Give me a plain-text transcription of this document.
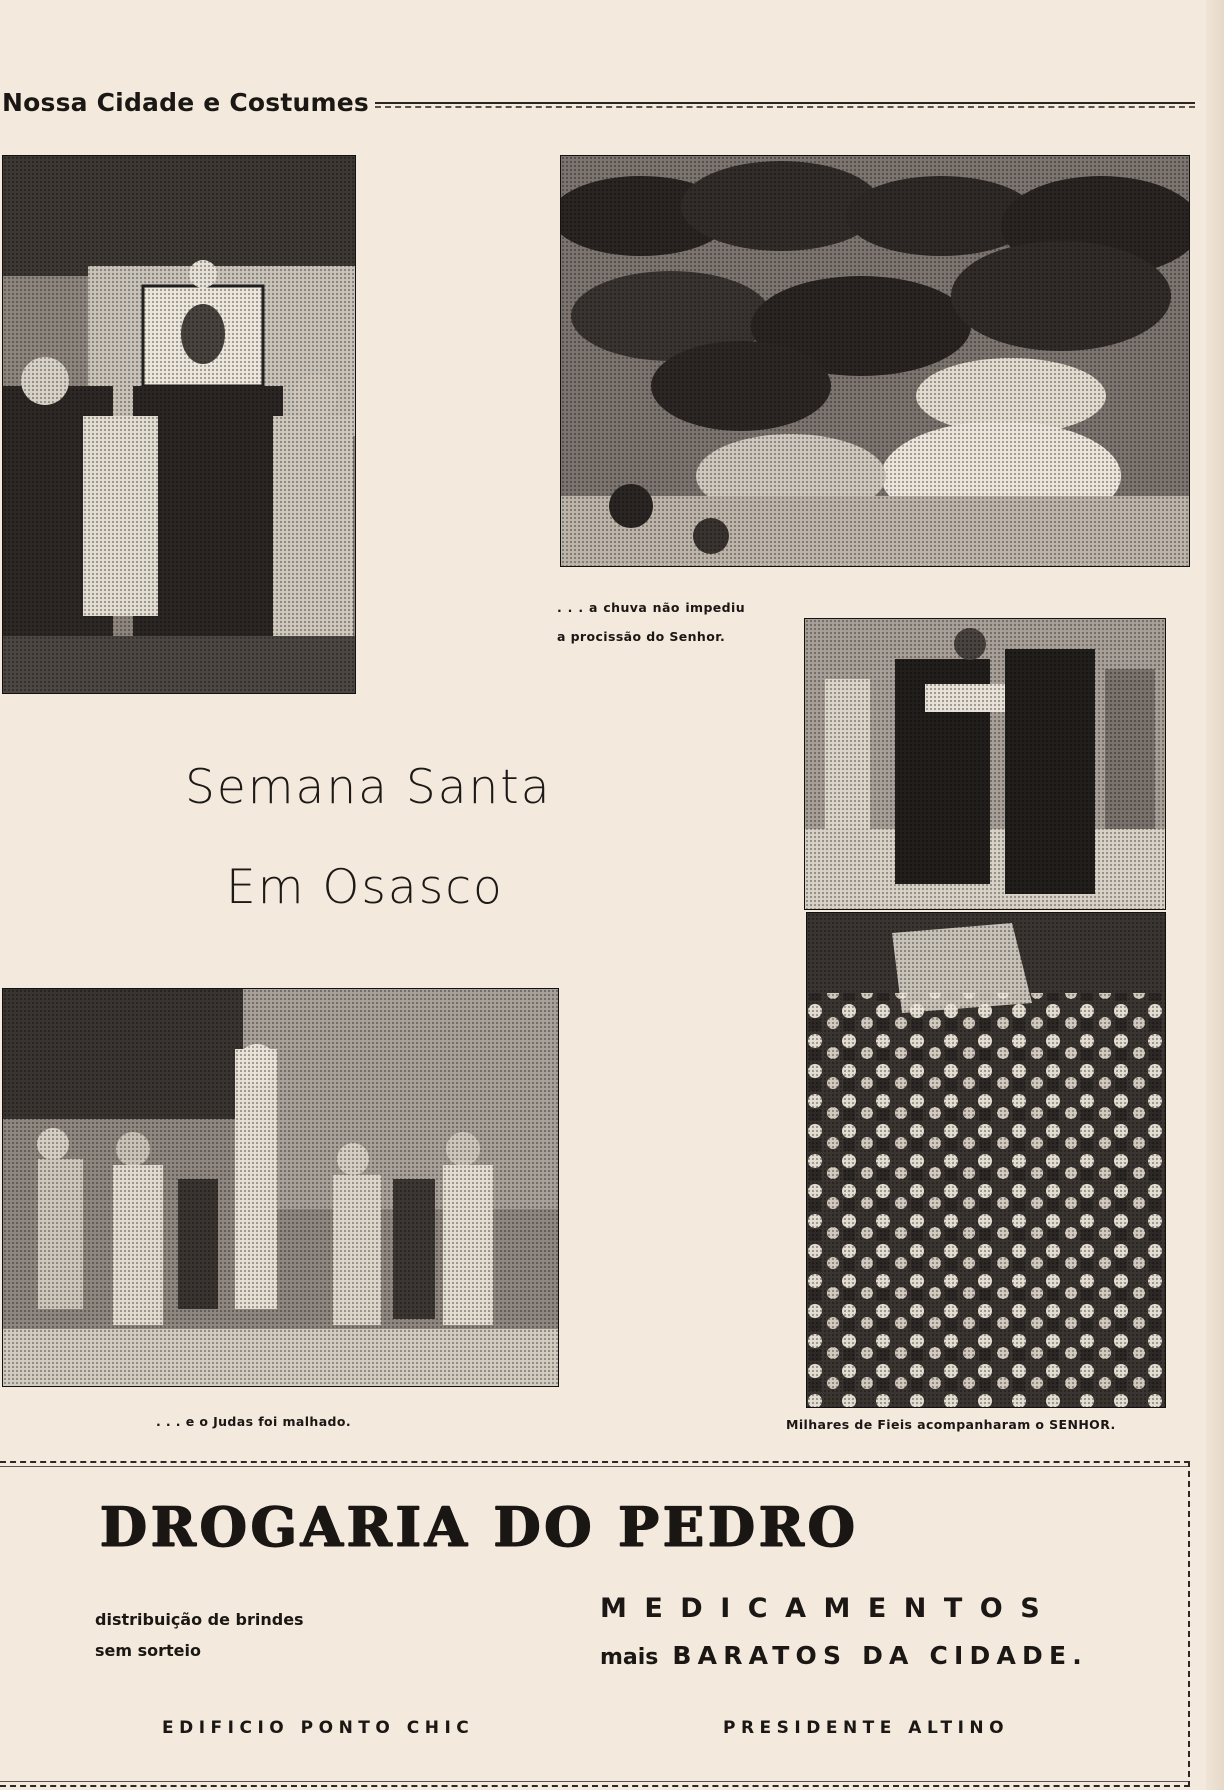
Nossa Cidade e Costumes
. . . a chuva não impediu a procissão do Senhor.
Semana Santa
Em Osasco
. . . e o Judas foi malhado.	Milhares de Fieis acompanharam o SENHOR.
DROGARIA DO PEDRO
distribuição de brindes
sem sorteio
MEDICAMENTOS
mais BARATOS DA CIDADE.
EDIFICIO PONTO CHIC	PRESIDENTE ALTINO
